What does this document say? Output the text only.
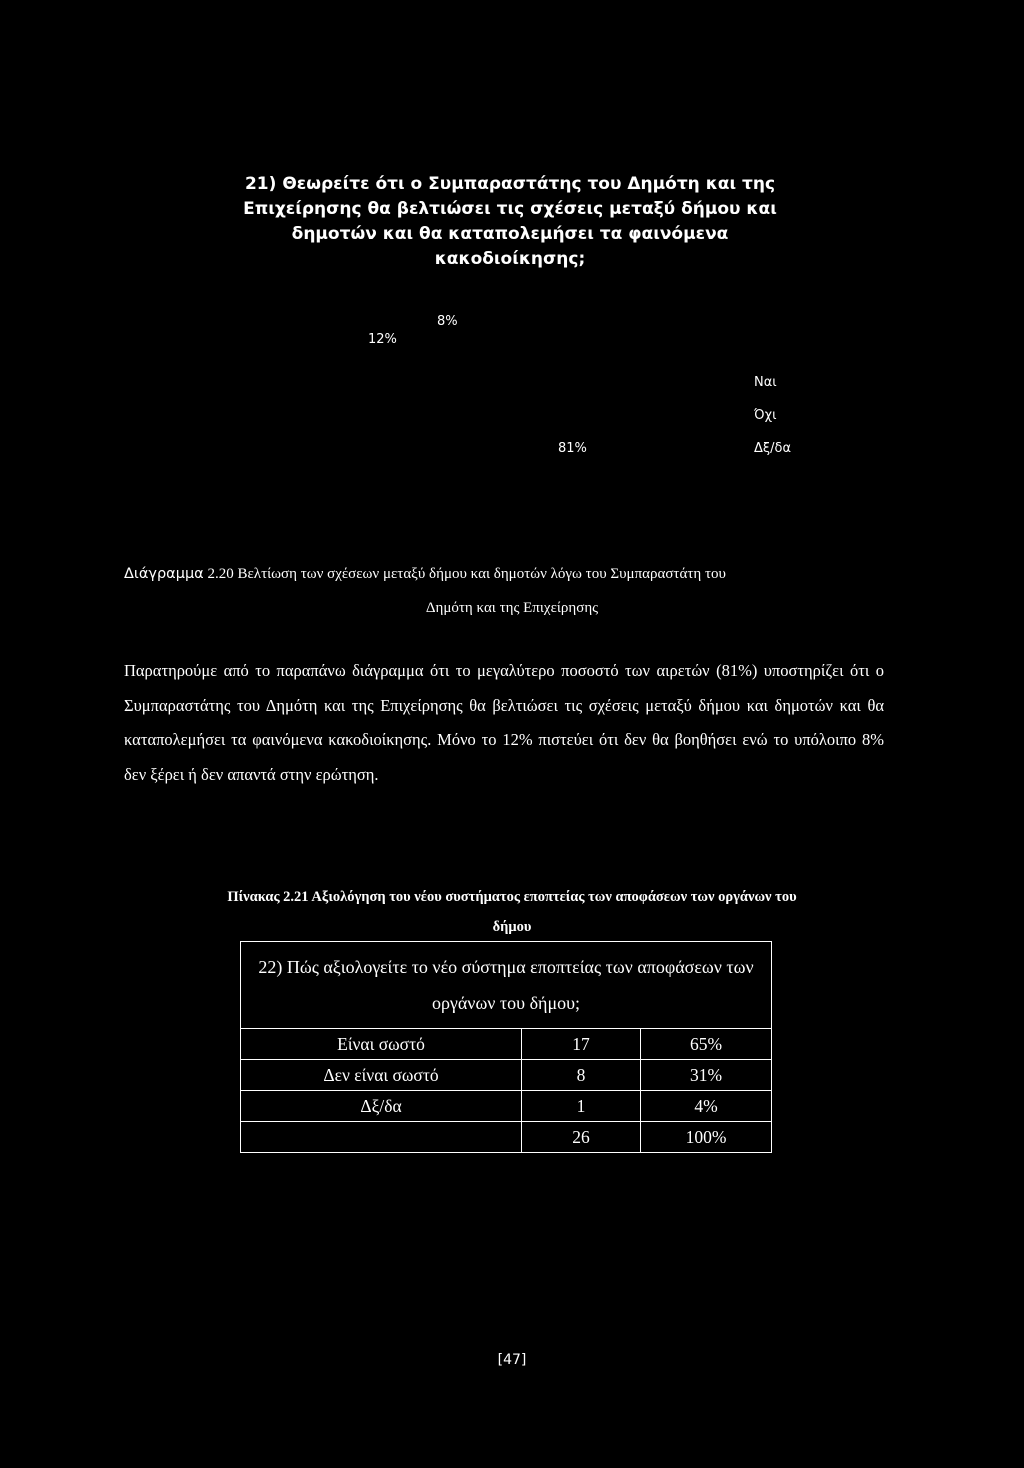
21) Θεωρείτε ότι ο Συμπαραστάτης του Δημότη και της Επιχείρησης θα βελτιώσει τις σχέσεις μεταξύ δήμου και δημοτών και θα καταπολεμήσει τα φαινόμενα κακοδιοίκησης;
12%
8%
81%
Ναι
Όχι
Δξ/δα
Διάγραμμα 2.20 Βελτίωση των σχέσεων μεταξύ δήμου και δημοτών λόγω του Συμπαραστάτη του
Δημότη και της Επιχείρησης
Παρατηρούμε από το παραπάνω διάγραμμα ότι το μεγαλύτερο ποσοστό των αιρετών (81%) υποστηρίζει ότι ο Συμπαραστάτης του Δημότη και της Επιχείρησης θα βελτιώσει τις σχέσεις μεταξύ δήμου και δημοτών και θα καταπολεμήσει τα φαινόμενα κακοδιοίκησης. Μόνο το 12% πιστεύει ότι δεν θα βοηθήσει ενώ το υπόλοιπο 8% δεν ξέρει ή δεν απαντά στην ερώτηση.
Πίνακας 2.21 Αξιολόγηση του νέου συστήματος εποπτείας των αποφάσεων των οργάνων του
δήμου
22) Πώς αξιολογείτε το νέο σύστημα εποπτείας των αποφάσεων των οργάνων του δήμου;		
Είναι σωστό	17	65%
Δεν είναι σωστό	8	31%
Δξ/δα	1	4%
	26	100%
[47]
